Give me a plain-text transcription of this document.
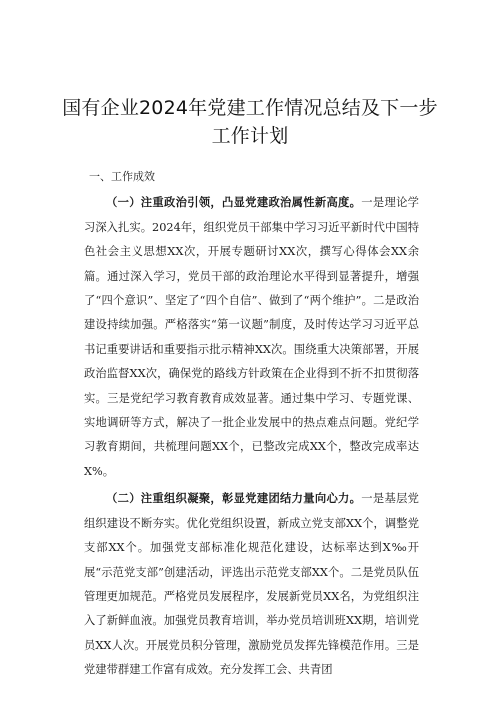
国有企业2024年党建工作情况总结及下一步
工作计划

一、工作成效

（一）注重政治引领，凸显党建政治属性新高度。一是理论学习深入扎实。2024年，组织党员干部集中学习习近平新时代中国特色社会主义思想XX次，开展专题研讨XX次，撰写心得体会XX余篇。通过深入学习，党员干部的政治理论水平得到显著提升，增强了“四个意识”、坚定了“四个自信”、做到了“两个维护”。二是政治建设持续加强。严格落实“第一议题”制度，及时传达学习习近平总书记重要讲话和重要指示批示精神XX次。围绕重大决策部署，开展政治监督XX次，确保党的路线方针政策在企业得到不折不扣贯彻落实。三是党纪学习教育教育成效显著。通过集中学习、专题党课、实地调研等方式，解决了一批企业发展中的热点难点问题。党纪学习教育期间，共梳理问题XX个，已整改完成XX个，整改完成率达X%。

（二）注重组织凝聚，彰显党建团结力量向心力。一是基层党组织建设不断夯实。优化党组织设置，新成立党支部XX个，调整党支部XX个。加强党支部标准化规范化建设，达标率达到X‰开展“示范党支部”创建活动，评选出示范党支部XX个。二是党员队伍管理更加规范。严格党员发展程序，发展新党员XX名，为党组织注入了新鲜血液。加强党员教育培训，举办党员培训班XX期，培训党员XX人次。开展党员积分管理，激励党员发挥先锋模范作用。三是党建带群建工作富有成效。充分发挥工会、共青团
